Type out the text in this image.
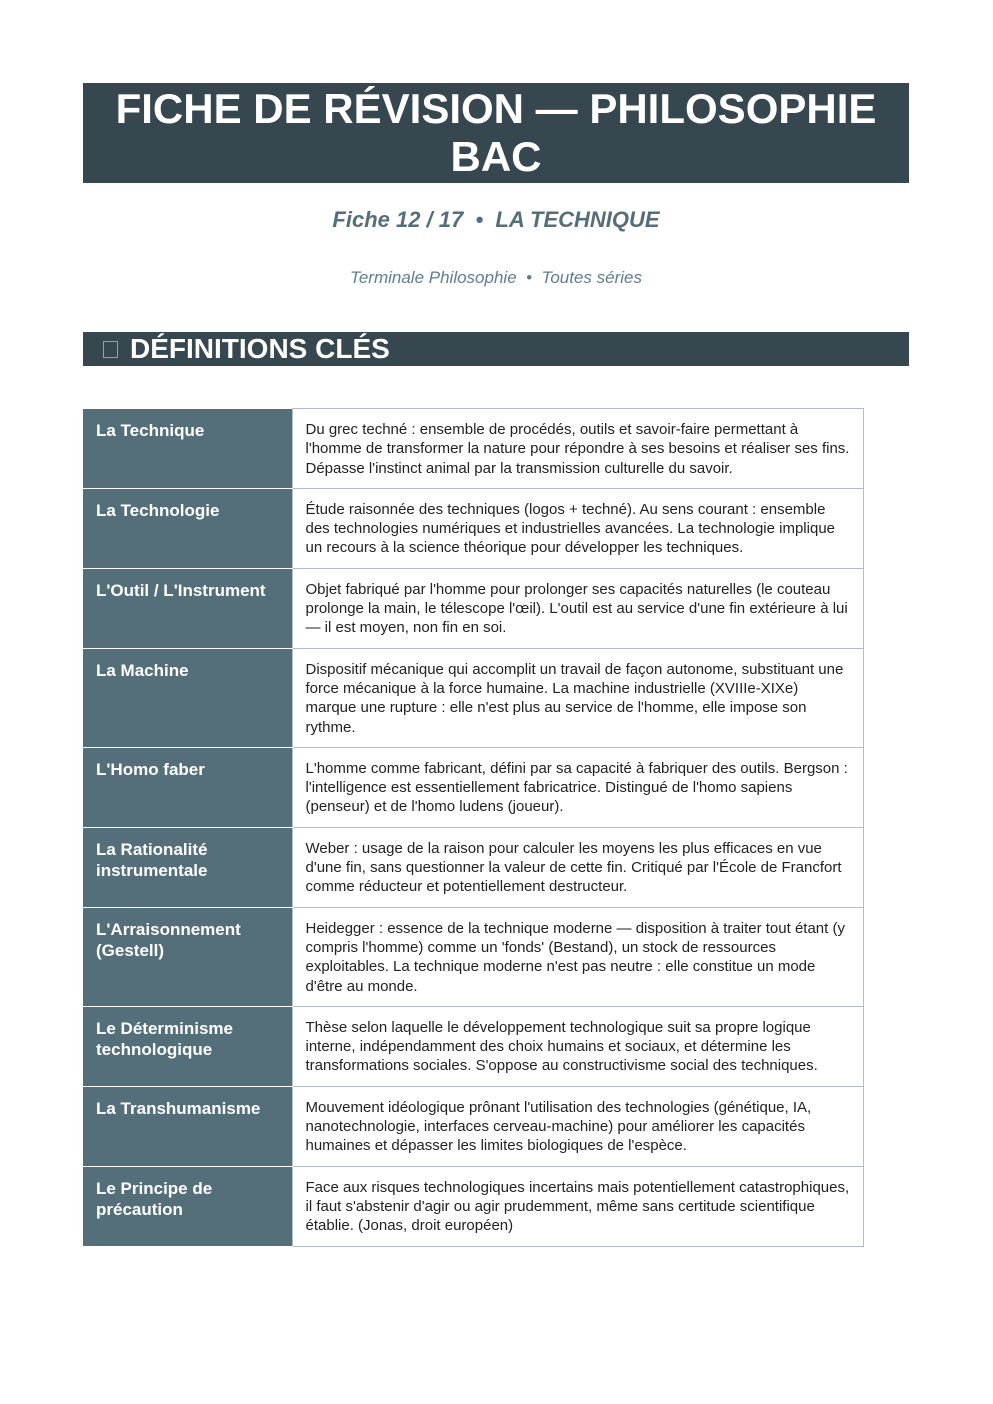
FICHE DE RÉVISION — PHILOSOPHIE BAC
Fiche 12 / 17  •  LA TECHNIQUE
Terminale Philosophie  •  Toutes séries
DÉFINITIONS CLÉS
La Technique	Du grec techné : ensemble de procédés, outils et savoir-faire permettant à l'homme de transformer la nature pour répondre à ses besoins et réaliser ses fins. Dépasse l'instinct animal par la transmission culturelle du savoir.
La Technologie	Étude raisonnée des techniques (logos + techné). Au sens courant : ensemble des technologies numériques et industrielles avancées. La technologie implique un recours à la science théorique pour développer les techniques.
L'Outil / L'Instrument	Objet fabriqué par l'homme pour prolonger ses capacités naturelles (le couteau prolonge la main, le télescope l'œil). L'outil est au service d'une fin extérieure à lui — il est moyen, non fin en soi.
La Machine	Dispositif mécanique qui accomplit un travail de façon autonome, substituant une force mécanique à la force humaine. La machine industrielle (XVIIIe-XIXe) marque une rupture : elle n'est plus au service de l'homme, elle impose son rythme.
L'Homo faber	L'homme comme fabricant, défini par sa capacité à fabriquer des outils. Bergson : l'intelligence est essentiellement fabricatrice. Distingué de l'homo sapiens (penseur) et de l'homo ludens (joueur).
La Rationalité instrumentale	Weber : usage de la raison pour calculer les moyens les plus efficaces en vue d'une fin, sans questionner la valeur de cette fin. Critiqué par l'École de Francfort comme réducteur et potentiellement destructeur.
L'Arraisonnement (Gestell)	Heidegger : essence de la technique moderne — disposition à traiter tout étant (y compris l'homme) comme un 'fonds' (Bestand), un stock de ressources exploitables. La technique moderne n'est pas neutre : elle constitue un mode d'être au monde.
Le Déterminisme technologique	Thèse selon laquelle le développement technologique suit sa propre logique interne, indépendamment des choix humains et sociaux, et détermine les transformations sociales. S'oppose au constructivisme social des techniques.
La Transhumanisme	Mouvement idéologique prônant l'utilisation des technologies (génétique, IA, nanotechnologie, interfaces cerveau-machine) pour améliorer les capacités humaines et dépasser les limites biologiques de l'espèce.
Le Principe de précaution	Face aux risques technologiques incertains mais potentiellement catastrophiques, il faut s'abstenir d'agir ou agir prudemment, même sans certitude scientifique établie. (Jonas, droit européen)
